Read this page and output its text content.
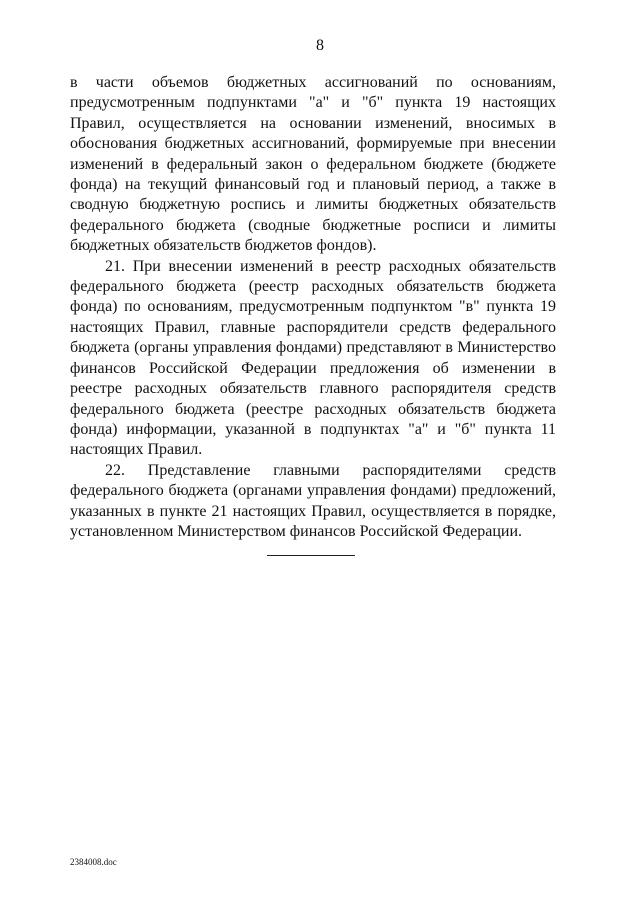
8

в части объемов бюджетных ассигнований по основаниям, предусмотренным подпунктами "а" и "б" пункта 19 настоящих Правил, осуществляется на основании изменений, вносимых в обоснования бюджетных ассигнований, формируемые при внесении изменений в федеральный закон о федеральном бюджете (бюджете фонда) на текущий финансовый год и плановый период, а также в сводную бюджетную роспись и лимиты бюджетных обязательств федерального бюджета (сводные бюджетные росписи и лимиты бюджетных обязательств бюджетов фондов).

21. При внесении изменений в реестр расходных обязательств федерального бюджета (реестр расходных обязательств бюджета фонда) по основаниям, предусмотренным подпунктом "в" пункта 19 настоящих Правил, главные распорядители средств федерального бюджета (органы управления фондами) представляют в Министерство финансов Российской Федерации предложения об изменении в реестре расходных обязательств главного распорядителя средств федерального бюджета (реестре расходных обязательств бюджета фонда) информации, указанной в подпунктах "а" и "б" пункта 11 настоящих Правил.

22. Представление главными распорядителями средств федерального бюджета (органами управления фондами) предложений, указанных в пункте 21 настоящих Правил, осуществляется в порядке, установленном Министерством финансов Российской Федерации.

2384008.doc
